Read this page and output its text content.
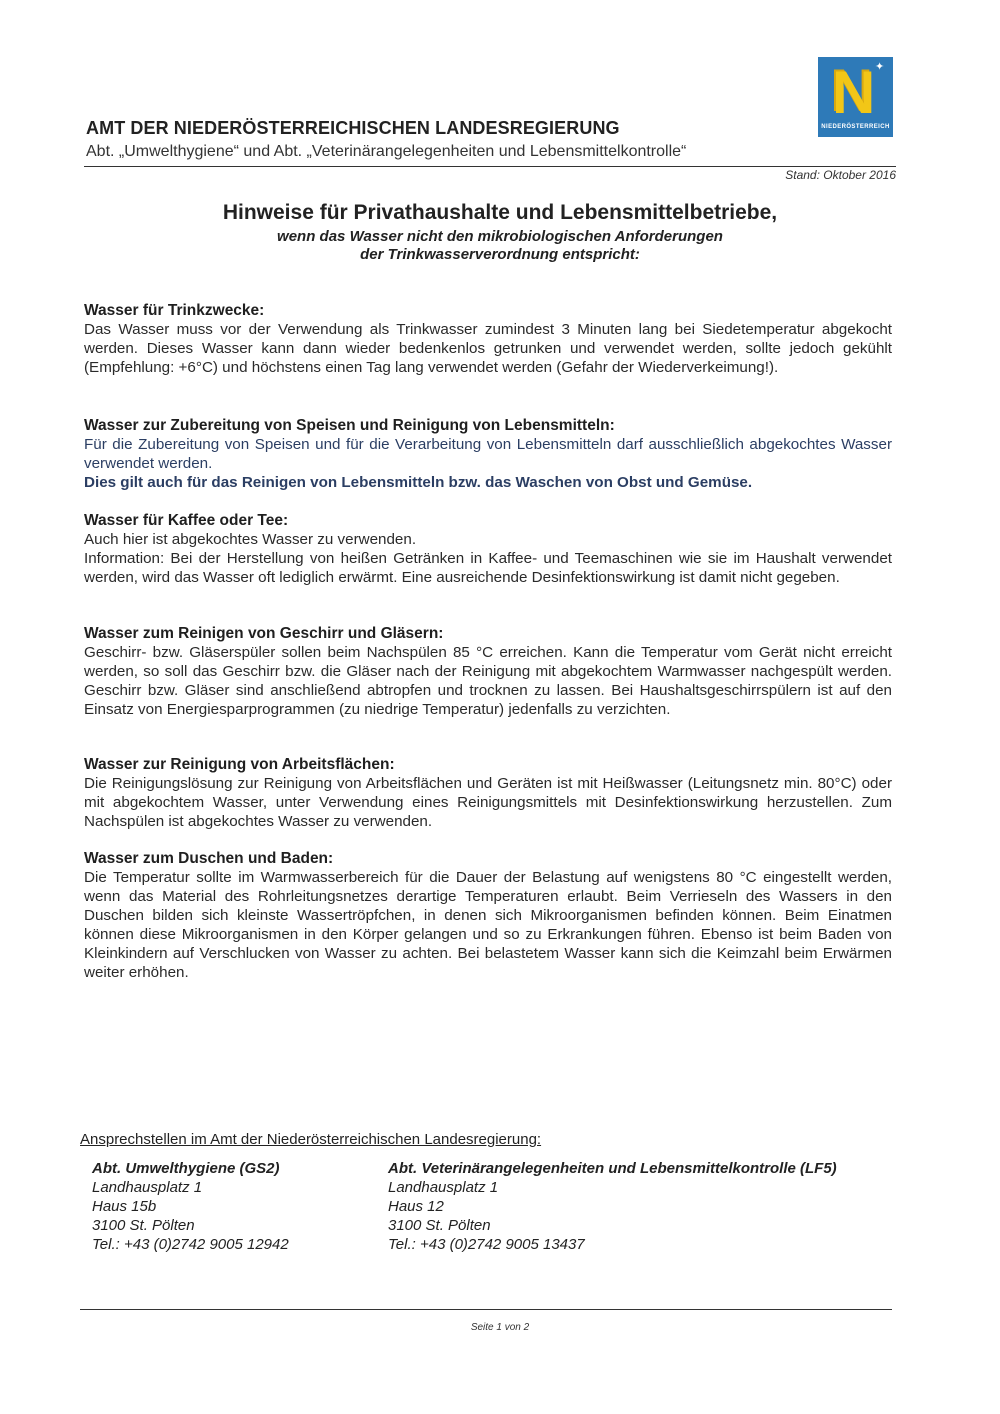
N ✦
NIEDERÖSTERREICH
AMT DER NIEDERÖSTERREICHISCHEN LANDESREGIERUNG
Abt. „Umwelthygiene“ und Abt. „Veterinärangelegenheiten und Lebensmittelkontrolle“
Stand: Oktober 2016
Hinweise für Privathaushalte und Lebensmittelbetriebe,
wenn das Wasser nicht den mikrobiologischen Anforderungen
der Trinkwasserverordnung entspricht:
Wasser für Trinkzwecke:

Das Wasser muss vor der Verwendung als Trinkwasser zumindest 3 Minuten lang bei Siedetemperatur abgekocht werden. Dieses Wasser kann dann wieder bedenkenlos getrunken und verwendet werden, sollte jedoch gekühlt (Empfehlung: +6°C) und höchstens einen Tag lang verwendet werden (Gefahr der Wiederverkeimung!).

Wasser zur Zubereitung von Speisen und Reinigung von Lebensmitteln:

Für die Zubereitung von Speisen und für die Verarbeitung von Lebensmitteln darf ausschließlich abgekochtes Wasser verwendet werden.

Dies gilt auch für das Reinigen von Lebensmitteln bzw. das Waschen von Obst und Gemüse.

Wasser für Kaffee oder Tee:

Auch hier ist abgekochtes Wasser zu verwenden.

Information: Bei der Herstellung von heißen Getränken in Kaffee- und Teemaschinen wie sie im Haushalt verwendet werden, wird das Wasser oft lediglich erwärmt. Eine ausreichende Desinfektionswirkung ist damit nicht gegeben.

Wasser zum Reinigen von Geschirr und Gläsern:

Geschirr- bzw. Gläserspüler sollen beim Nachspülen 85 °C erreichen. Kann die Temperatur vom Gerät nicht erreicht werden, so soll das Geschirr bzw. die Gläser nach der Reinigung mit abgekochtem Warmwasser nachgespült werden. Geschirr bzw. Gläser sind anschließend abtropfen und trocknen zu lassen. Bei Haushaltsgeschirrspülern ist auf den Einsatz von Energiesparprogrammen (zu niedrige Temperatur) jedenfalls zu verzichten.

Wasser zur Reinigung von Arbeitsflächen:

Die Reinigungslösung zur Reinigung von Arbeitsflächen und Geräten ist mit Heißwasser (Leitungsnetz min. 80°C) oder mit abgekochtem Wasser, unter Verwendung eines Reinigungsmittels mit Desinfektionswirkung herzustellen. Zum Nachspülen ist abgekochtes Wasser zu verwenden.

Wasser zum Duschen und Baden:

Die Temperatur sollte im Warmwasserbereich für die Dauer der Belastung auf wenigstens 80 °C eingestellt werden, wenn das Material des Rohrleitungsnetzes derartige Temperaturen erlaubt. Beim Verrieseln des Wassers in den Duschen bilden sich kleinste Wassertröpfchen, in denen sich Mikroorganismen befinden können. Beim Einatmen können diese Mikroorganismen in den Körper gelangen und so zu Erkrankungen führen. Ebenso ist beim Baden von Kleinkindern auf Verschlucken von Wasser zu achten. Bei belastetem Wasser kann sich die Keimzahl beim Erwärmen weiter erhöhen.

Ansprechstellen im Amt der Niederösterreichischen Landesregierung:
Abt. Umwelthygiene (GS2)
Landhausplatz 1
Haus 15b
3100 St. Pölten
Tel.: +43 (0)2742 9005 12942
Abt. Veterinärangelegenheiten und Lebensmittelkontrolle (LF5)
Landhausplatz 1
Haus 12
3100 St. Pölten
Tel.: +43 (0)2742 9005 13437
Seite 1 von 2
